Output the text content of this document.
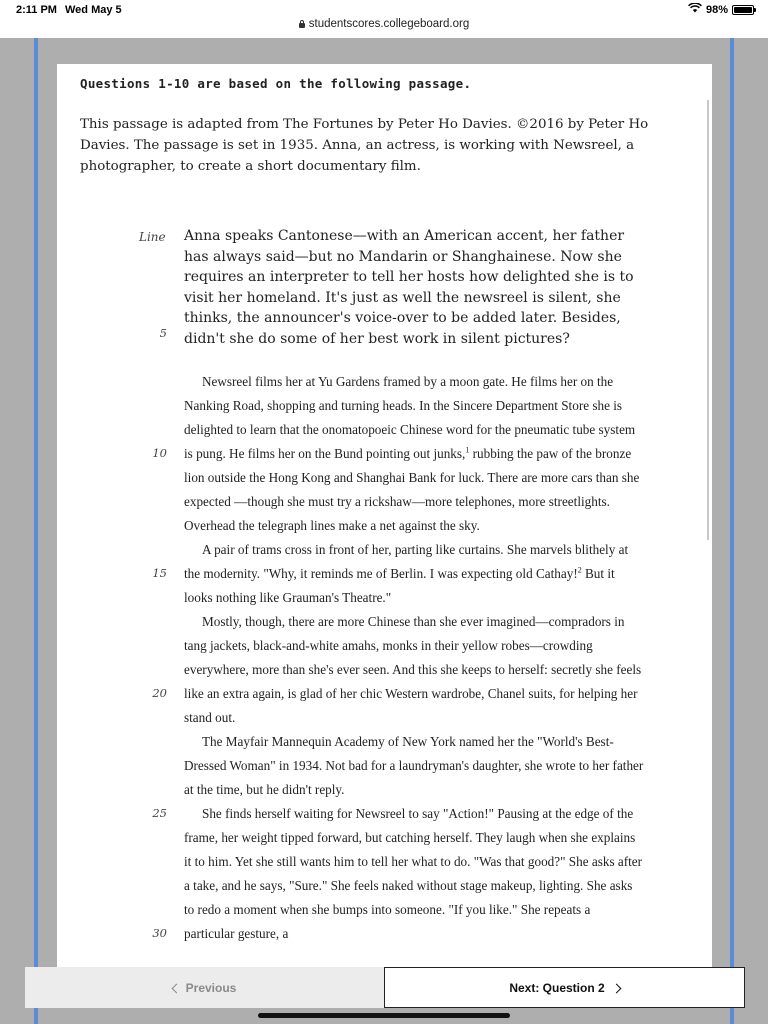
2:11 PM Wed May 5	98%
studentscores.collegeboard.org
Questions 1-10 are based on the following passage.
This passage is adapted from The Fortunes by Peter Ho Davies. ©2016 by Peter Ho Davies. The passage is set in 1935. Anna, an actress, is working with Newsreel, a photographer, to create a short documentary film.
Line
5
10
15
20
25
30
Anna speaks Cantonese—with an American accent, her father has always said—but no Mandarin or Shanghainese. Now she requires an interpreter to tell her hosts how delighted she is to visit her homeland. It's just as well the newsreel is silent, she thinks, the announcer's voice-over to be added later. Besides, didn't she do some of her best work in silent pictures?

Newsreel films her at Yu Gardens framed by a moon gate. He films her on the Nanking Road, shopping and turning heads. In the Sincere Department Store she is delighted to learn that the onomatopoeic Chinese word for the pneumatic tube system is pung. He films her on the Bund pointing out junks,$^1$ rubbing the paw of the bronze lion outside the Hong Kong and Shanghai Bank for luck. There are more cars than she expected —though she must try a rickshaw—more telephones, more streetlights. Overhead the telegraph lines make a net against the sky.

A pair of trams cross in front of her, parting like curtains. She marvels blithely at the modernity. "Why, it reminds me of Berlin. I was expecting old Cathay!$^2$ But it looks nothing like Grauman's Theatre."

Mostly, though, there are more Chinese than she ever imagined—compradors in tang jackets, black-and-white amahs, monks in their yellow robes—crowding everywhere, more than she's ever seen. And this she keeps to herself: secretly she feels like an extra again, is glad of her chic Western wardrobe, Chanel suits, for helping her stand out.

The Mayfair Mannequin Academy of New York named her the "World's Best-Dressed Woman" in 1934. Not bad for a laundryman's daughter, she wrote to her father at the time, but he didn't reply.

She finds herself waiting for Newsreel to say "Action!" Pausing at the edge of the frame, her weight tipped forward, but catching herself. They laugh when she explains it to him. Yet she still wants him to tell her what to do. "Was that good?" She asks after a take, and he says, "Sure." She feels naked without stage makeup, lighting. She asks to redo a moment when she bumps into someone. "If you like." She repeats a particular gesture, a

Previous	Next: Question 2
